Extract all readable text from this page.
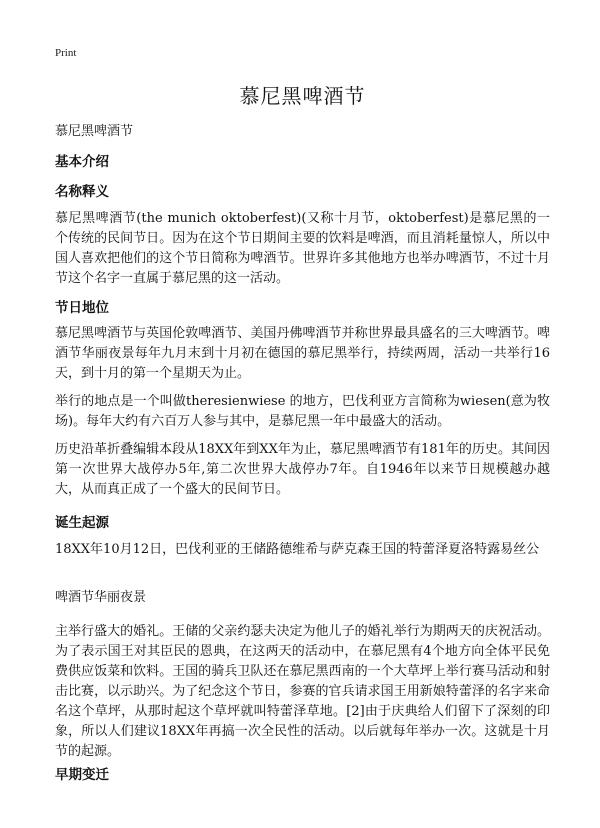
Print
慕尼黑啤酒节
慕尼黑啤酒节
基本介绍
名称释义

慕尼黑啤酒节(the munich oktoberfest)(又称十月节，oktoberfest)是慕尼黑的一个传统的民间节日。因为在这个节日期间主要的饮料是啤酒，而且消耗量惊人，所以中国人喜欢把他们的这个节日简称为啤酒节。世界许多其他地方也举办啤酒节，不过十月节这个名字一直属于慕尼黑的这一活动。

节日地位

慕尼黑啤酒节与英国伦敦啤酒节、美国丹佛啤酒节并称世界最具盛名的三大啤酒节。啤酒节华丽夜景每年九月末到十月初在德国的慕尼黑举行，持续两周，活动一共举行16天，到十月的第一个星期天为止。

举行的地点是一个叫做theresienwiese 的地方，巴伐利亚方言简称为wiesen(意为牧场)。每年大约有六百万人参与其中，是慕尼黑一年中最盛大的活动。

历史沿革折叠编辑本段从18XX年到XX年为止，慕尼黑啤酒节有181年的历史。其间因第一次世界大战停办5年,第二次世界大战停办7年。自1946年以来节日规模越办越大，从而真正成了一个盛大的民间节日。

诞生起源

18XX年10月12日，巴伐利亚的王储路德维希与萨克森王国的特蕾泽夏洛特露易丝公

啤酒节华丽夜景

主举行盛大的婚礼。王储的父亲约瑟夫决定为他儿子的婚礼举行为期两天的庆祝活动。为了表示国王对其臣民的恩典，在这两天的活动中，在慕尼黑有4个地方向全体平民免费供应饭菜和饮料。王国的骑兵卫队还在慕尼黑西南的一个大草坪上举行赛马活动和射击比赛，以示助兴。为了纪念这个节日，参赛的官兵请求国王用新娘特蕾泽的名字来命名这个草坪，从那时起这个草坪就叫特蕾泽草地。[2]由于庆典给人们留下了深刻的印象，所以人们建议18XX年再搞一次全民性的活动。以后就每年举办一次。这就是十月节的起源。

早期变迁
